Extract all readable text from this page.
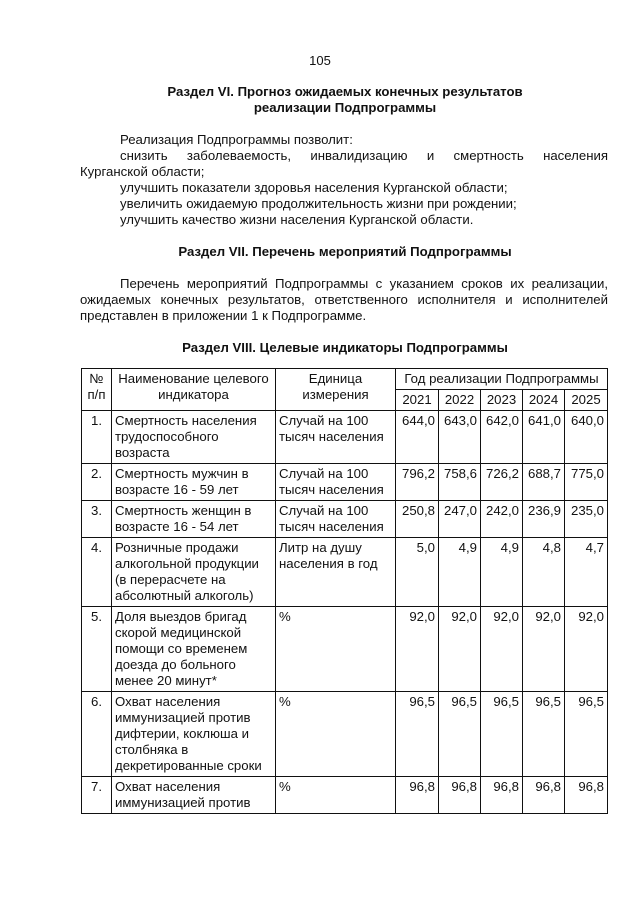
105
Раздел VI. Прогноз ожидаемых конечных результатов
реализации Подпрограммы
Реализация Подпрограммы позволит:
снизить заболеваемость, инвалидизацию и смертность населения
Курганской области;
улучшить показатели здоровья населения Курганской области;
увеличить ожидаемую продолжительность жизни при рождении;
улучшить качество жизни населения Курганской области.
Раздел VII. Перечень мероприятий Подпрограммы
Перечень мероприятий Подпрограммы с указанием сроков их реализации, ожидаемых конечных результатов, ответственного исполнителя и исполнителей представлен в приложении 1 к Подпрограмме.
Раздел VIII. Целевые индикаторы Подпрограммы
№ п/п	Наименование целевого индикатора	Единица измерения	Год реализации Подпрограммы				
			2021	2022	2023	2024	2025
1.	Смертность населения трудоспособного возраста	Случай на 100 тысяч населения	644,0	643,0	642,0	641,0	640,0
2.	Смертность мужчин в возрасте 16 - 59 лет	Случай на 100 тысяч населения	796,2	758,6	726,2	688,7	775,0
3.	Смертность женщин в возрасте 16 - 54 лет	Случай на 100 тысяч населения	250,8	247,0	242,0	236,9	235,0
4.	Розничные продажи алкогольной продукции (в перерасчете на абсолютный алкоголь)	Литр на душу населения в год	5,0	4,9	4,9	4,8	4,7
5.	Доля выездов бригад скорой медицинской помощи со временем доезда до больного менее 20 минут*	%	92,0	92,0	92,0	92,0	92,0
6.	Охват населения иммунизацией против дифтерии, коклюша и столбняка в декретированные сроки	%	96,5	96,5	96,5	96,5	96,5
7.	Охват населения иммунизацией против	%	96,8	96,8	96,8	96,8	96,8
